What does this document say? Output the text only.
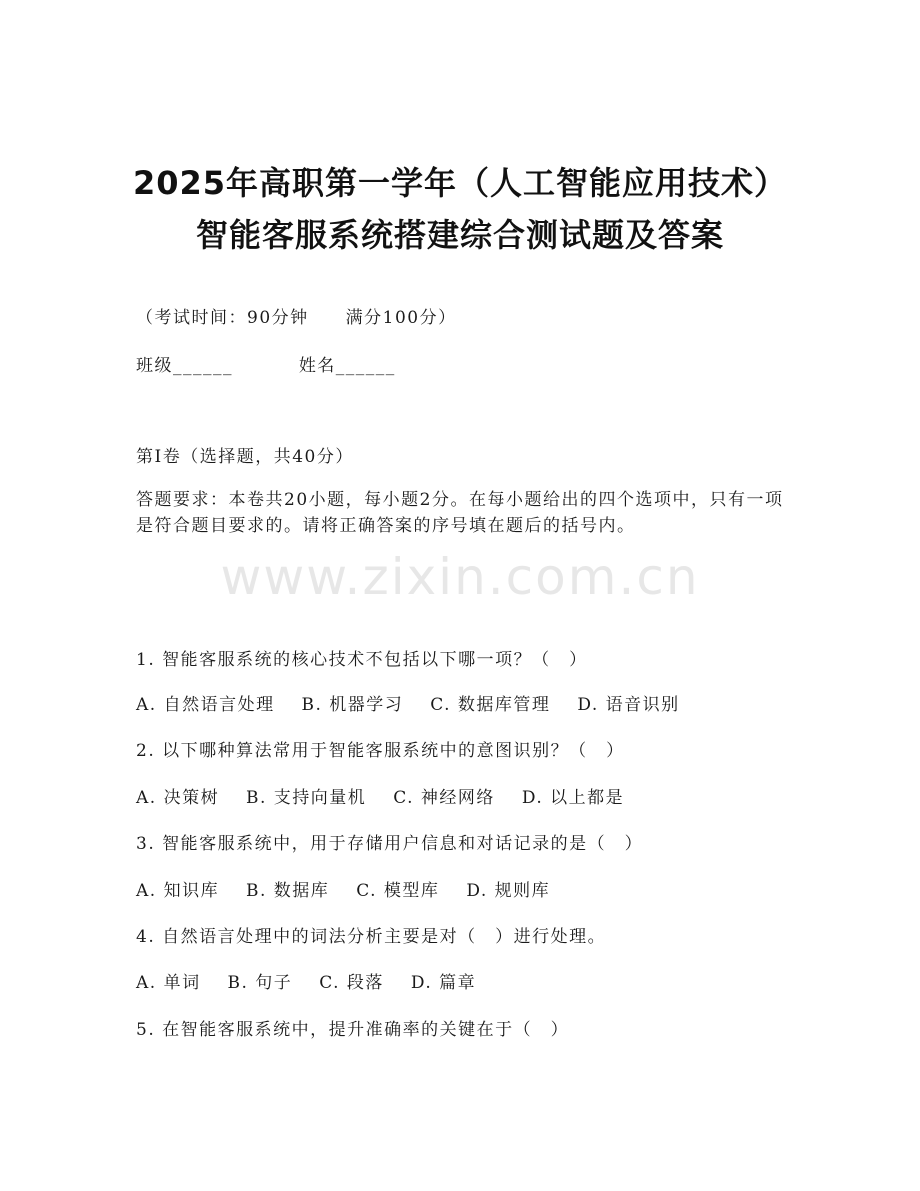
2025年高职第一学年（人工智能应用技术）
智能客服系统搭建综合测试题及答案
（考试时间：90分钟　　满分100分）
班级______	姓名______
第I卷（选择题，共40分）
答题要求：本卷共20小题，每小题2分。在每小题给出的四个选项中，只有一项是符合题目要求的。请将正确答案的序号填在题后的括号内。
www.zixin.com.cn
1. 智能客服系统的核心技术不包括以下哪一项？（　）
A. 自然语言处理 B. 机器学习 C. 数据库管理 D. 语音识别
2. 以下哪种算法常用于智能客服系统中的意图识别？（　）
A. 决策树 B. 支持向量机 C. 神经网络 D. 以上都是
3. 智能客服系统中，用于存储用户信息和对话记录的是（　）
A. 知识库 B. 数据库 C. 模型库 D. 规则库
4. 自然语言处理中的词法分析主要是对（　）进行处理。
A. 单词 B. 句子 C. 段落 D. 篇章
5. 在智能客服系统中，提升准确率的关键在于（　）
